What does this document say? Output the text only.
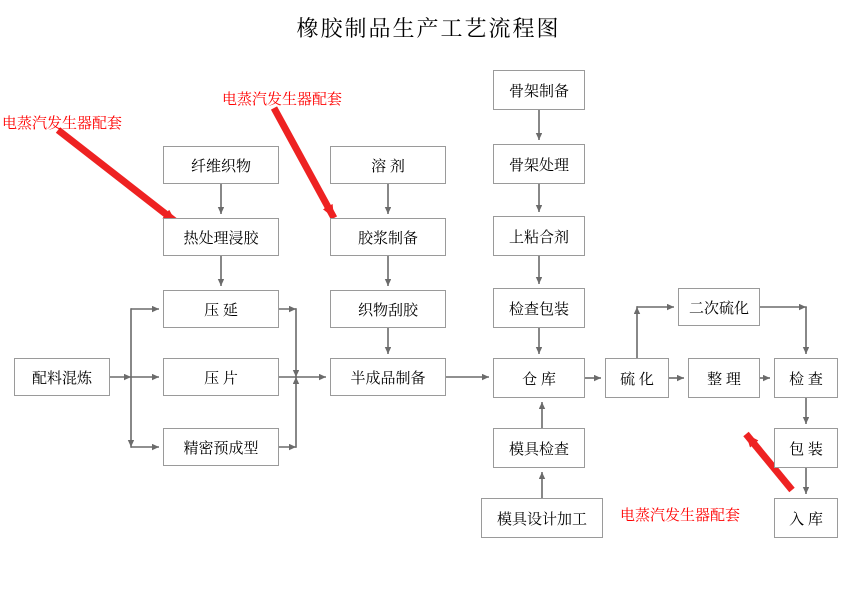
橡胶制品生产工艺流程图
纤维织物
热处理浸胶
压 延
压 片
精密预成型
配料混炼
溶 剂
胶浆制备
织物刮胶
半成品制备
骨架制备
骨架处理
上粘合剂
检查包装
仓 库
模具检查
模具设计加工
硫 化
二次硫化
整 理	检 查
包 装
入 库
电蒸汽发生器配套
电蒸汽发生器配套
电蒸汽发生器配套
